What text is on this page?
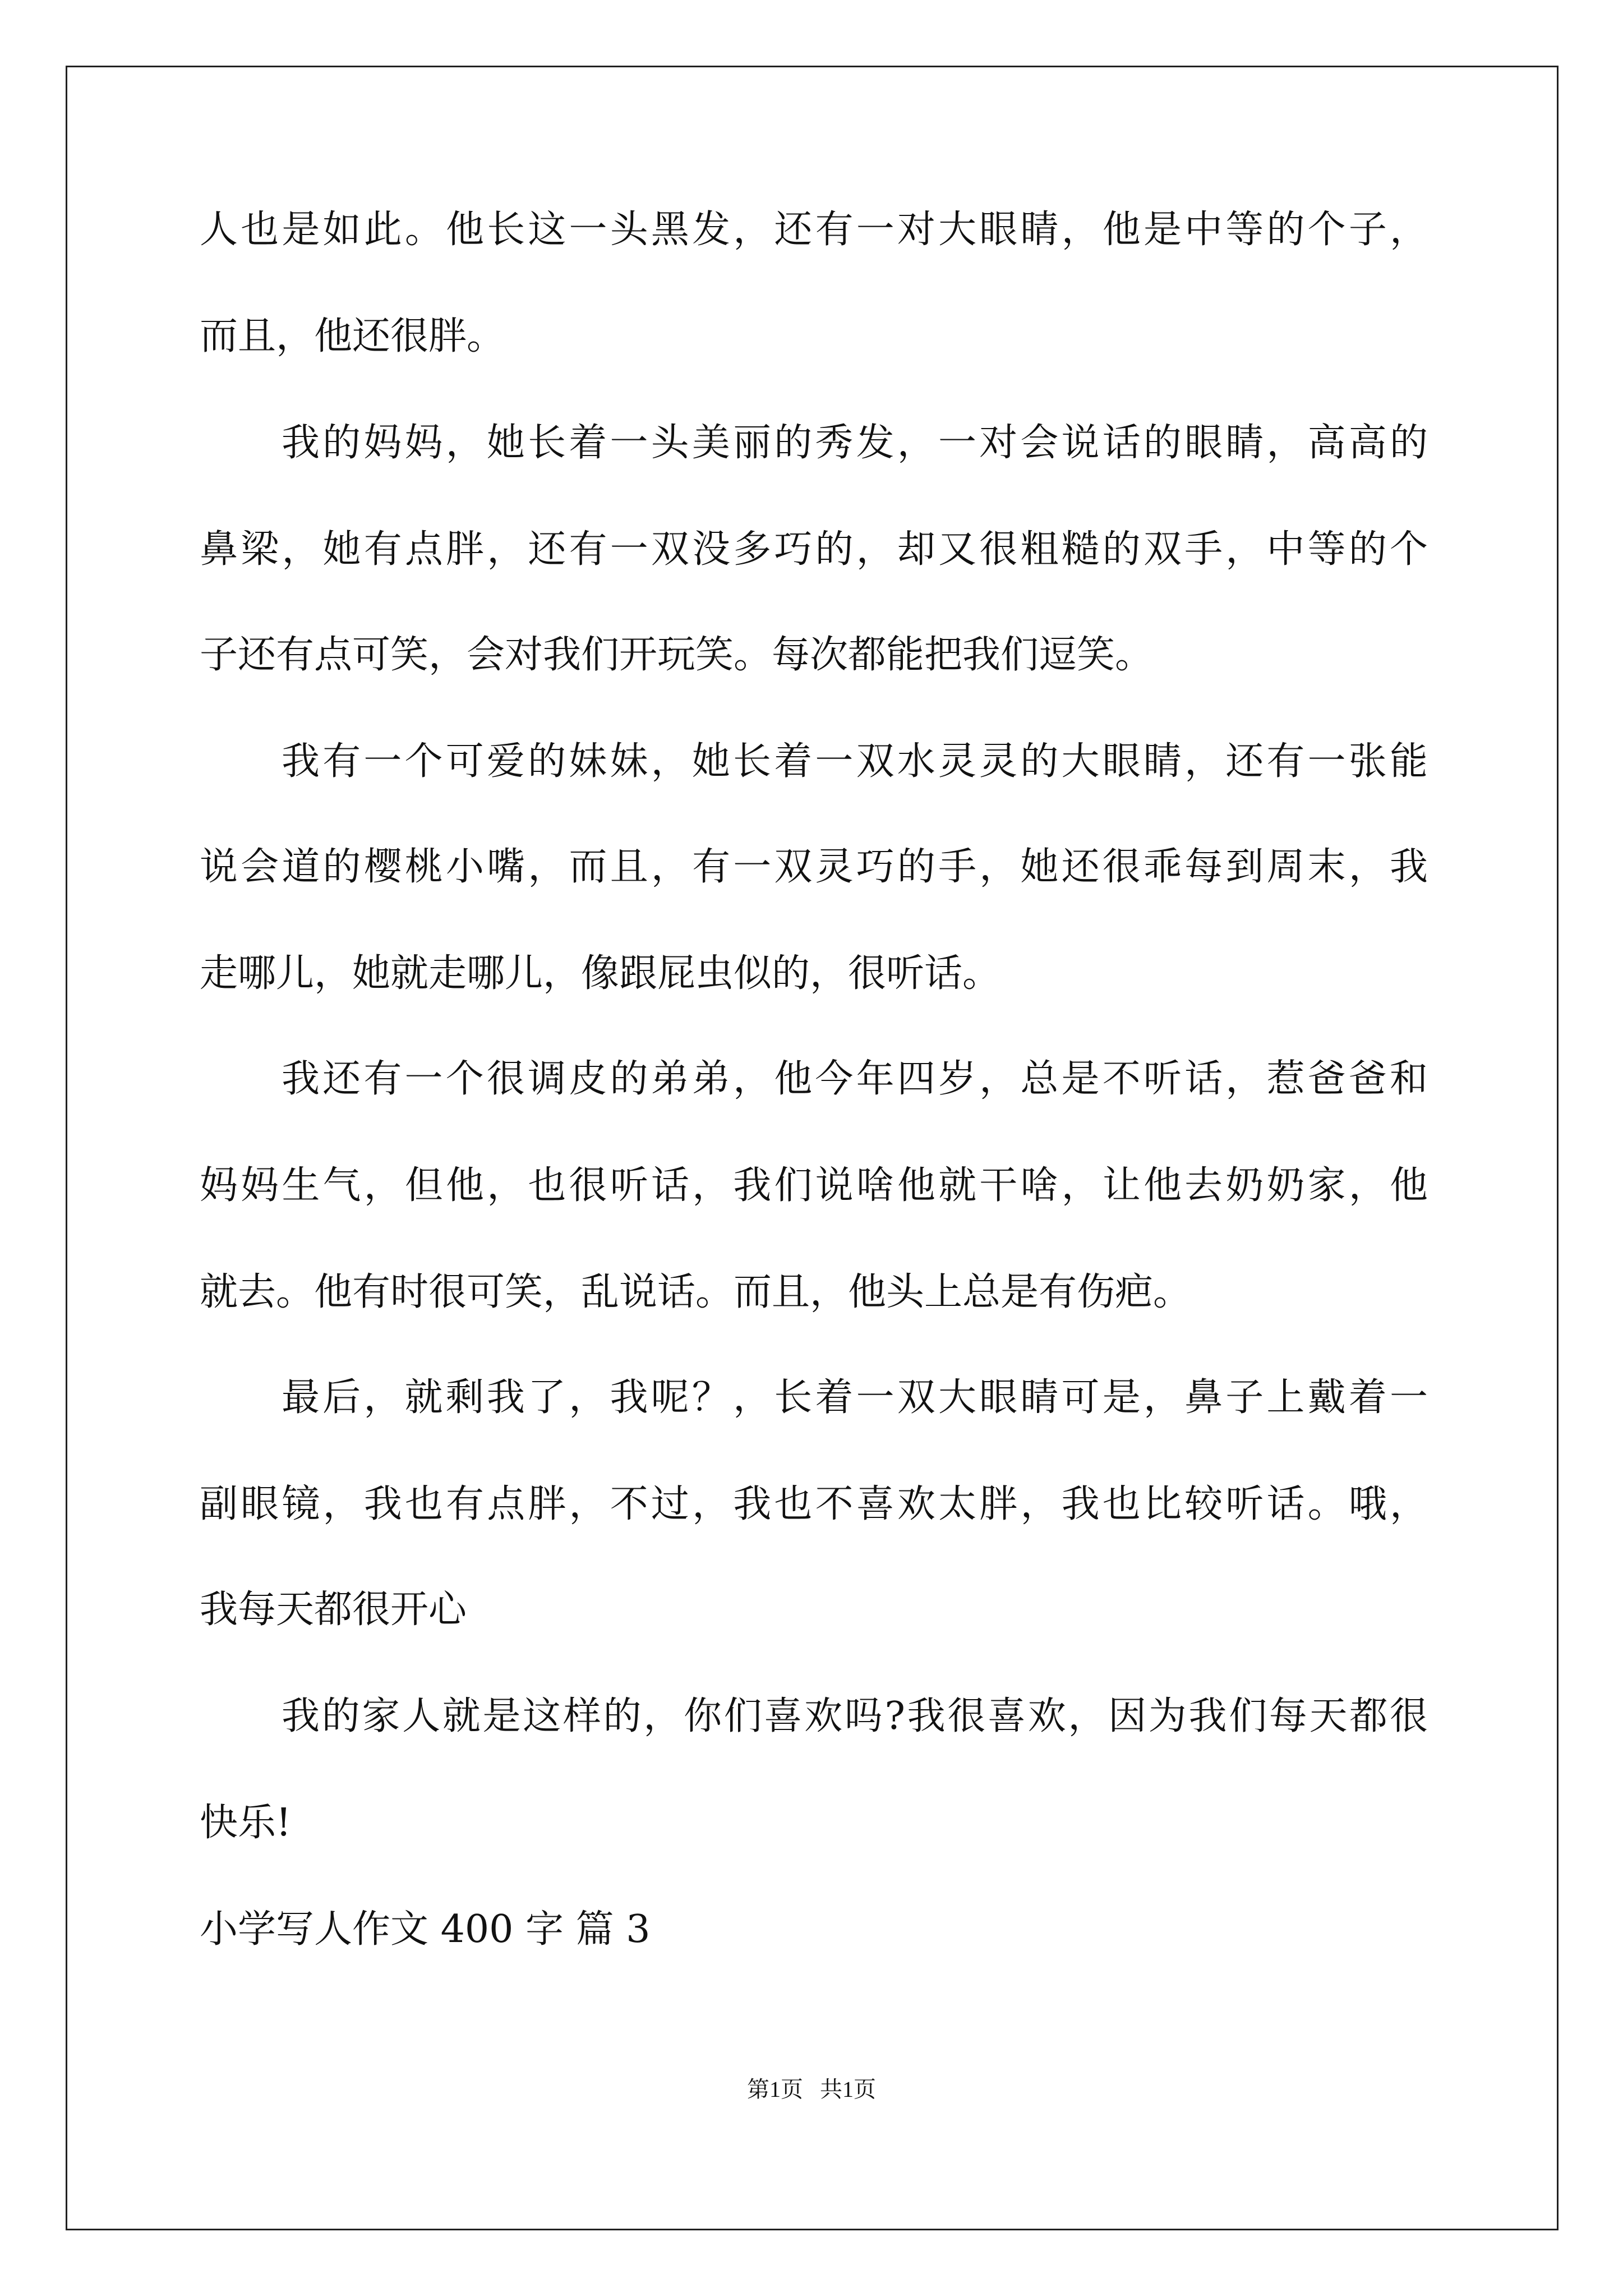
人也是如此。他长这一头黑发，还有一对大眼睛，他是中等的个子，
而且，他还很胖。
我的妈妈，她长着一头美丽的秀发，一对会说话的眼睛，高高的
鼻梁，她有点胖，还有一双没多巧的，却又很粗糙的双手，中等的个
子还有点可笑，会对我们开玩笑。每次都能把我们逗笑。
我有一个可爱的妹妹，她长着一双水灵灵的大眼睛，还有一张能
说会道的樱桃小嘴，而且，有一双灵巧的手，她还很乖每到周末，我
走哪儿，她就走哪儿，像跟屁虫似的，很听话。
我还有一个很调皮的弟弟，他今年四岁，总是不听话，惹爸爸和
妈妈生气，但他，也很听话，我们说啥他就干啥，让他去奶奶家，他
就去。他有时很可笑，乱说话。而且，他头上总是有伤疤。
最后，就剩我了，我呢？，长着一双大眼睛可是，鼻子上戴着一
副眼镜，我也有点胖，不过，我也不喜欢太胖，我也比较听话。哦，
我每天都很开心
我的家人就是这样的，你们喜欢吗?我很喜欢，因为我们每天都很
快乐!
小学写人作文 400 字 篇 3
第1页   共1页
